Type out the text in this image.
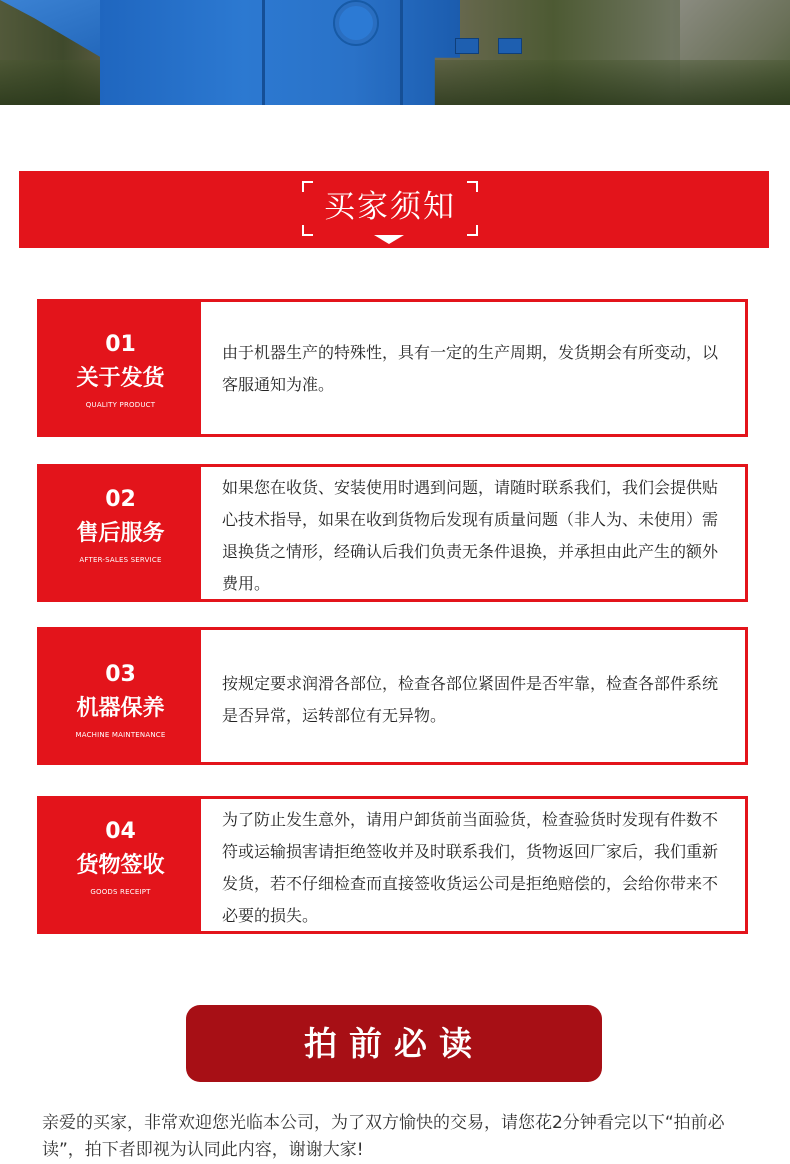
买家须知
01
关于发货
QUALITY PRODUCT
由于机器生产的特殊性，具有一定的生产周期，发货期会有所变动，以客服通知为准。
02
售后服务
AFTER-SALES SERVICE
如果您在收货、安装使用时遇到问题，请随时联系我们，我们会提供贴心技术指导，如果在收到货物后发现有质量问题（非人为、未使用）需退换货之情形，经确认后我们负责无条件退换，并承担由此产生的额外费用。
03
机器保养
MACHINE MAINTENANCE
按规定要求润滑各部位，检查各部位紧固件是否牢靠，检查各部件系统是否异常，运转部位有无异物。
04
货物签收
GOODS RECEIPT
为了防止发生意外，请用户卸货前当面验货，检查验货时发现有件数不符或运输损害请拒绝签收并及时联系我们，货物返回厂家后，我们重新发货，若不仔细检查而直接签收货运公司是拒绝赔偿的，会给你带来不必要的损失。
拍前必读
亲爱的买家，非常欢迎您光临本公司，为了双方愉快的交易，请您花2分钟看完以下“拍前必读”，拍下者即视为认同此内容，谢谢大家!
